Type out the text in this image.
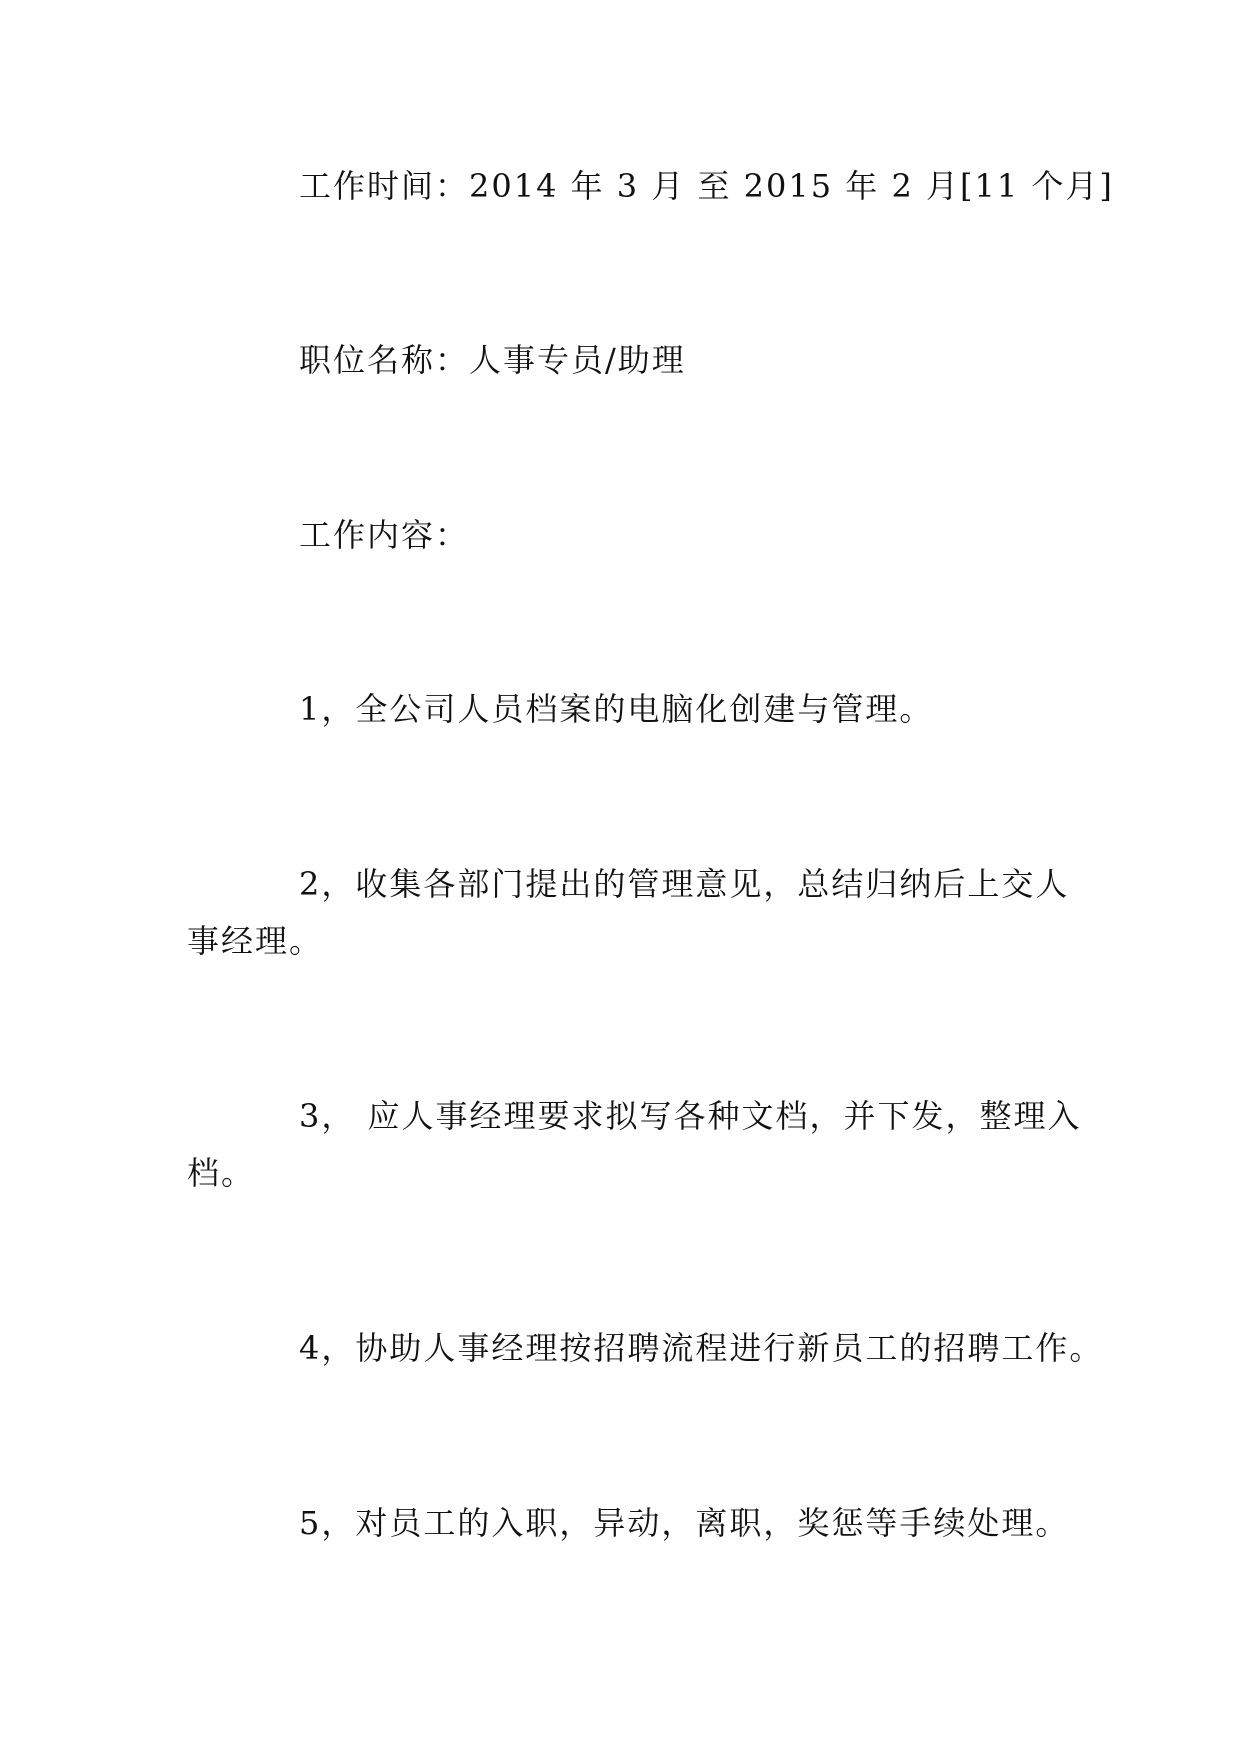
工作时间：2014 年 3 月 至 2015 年 2 月[11 个月]
职位名称：人事专员/助理
工作内容：
1，全公司人员档案的电脑化创建与管理。
2，收集各部门提出的管理意见，总结归纳后上交人
事经理。
3， 应人事经理要求拟写各种文档，并下发，整理入
档。
4，协助人事经理按招聘流程进行新员工的招聘工作。
5，对员工的入职，异动，离职，奖惩等手续处理。
